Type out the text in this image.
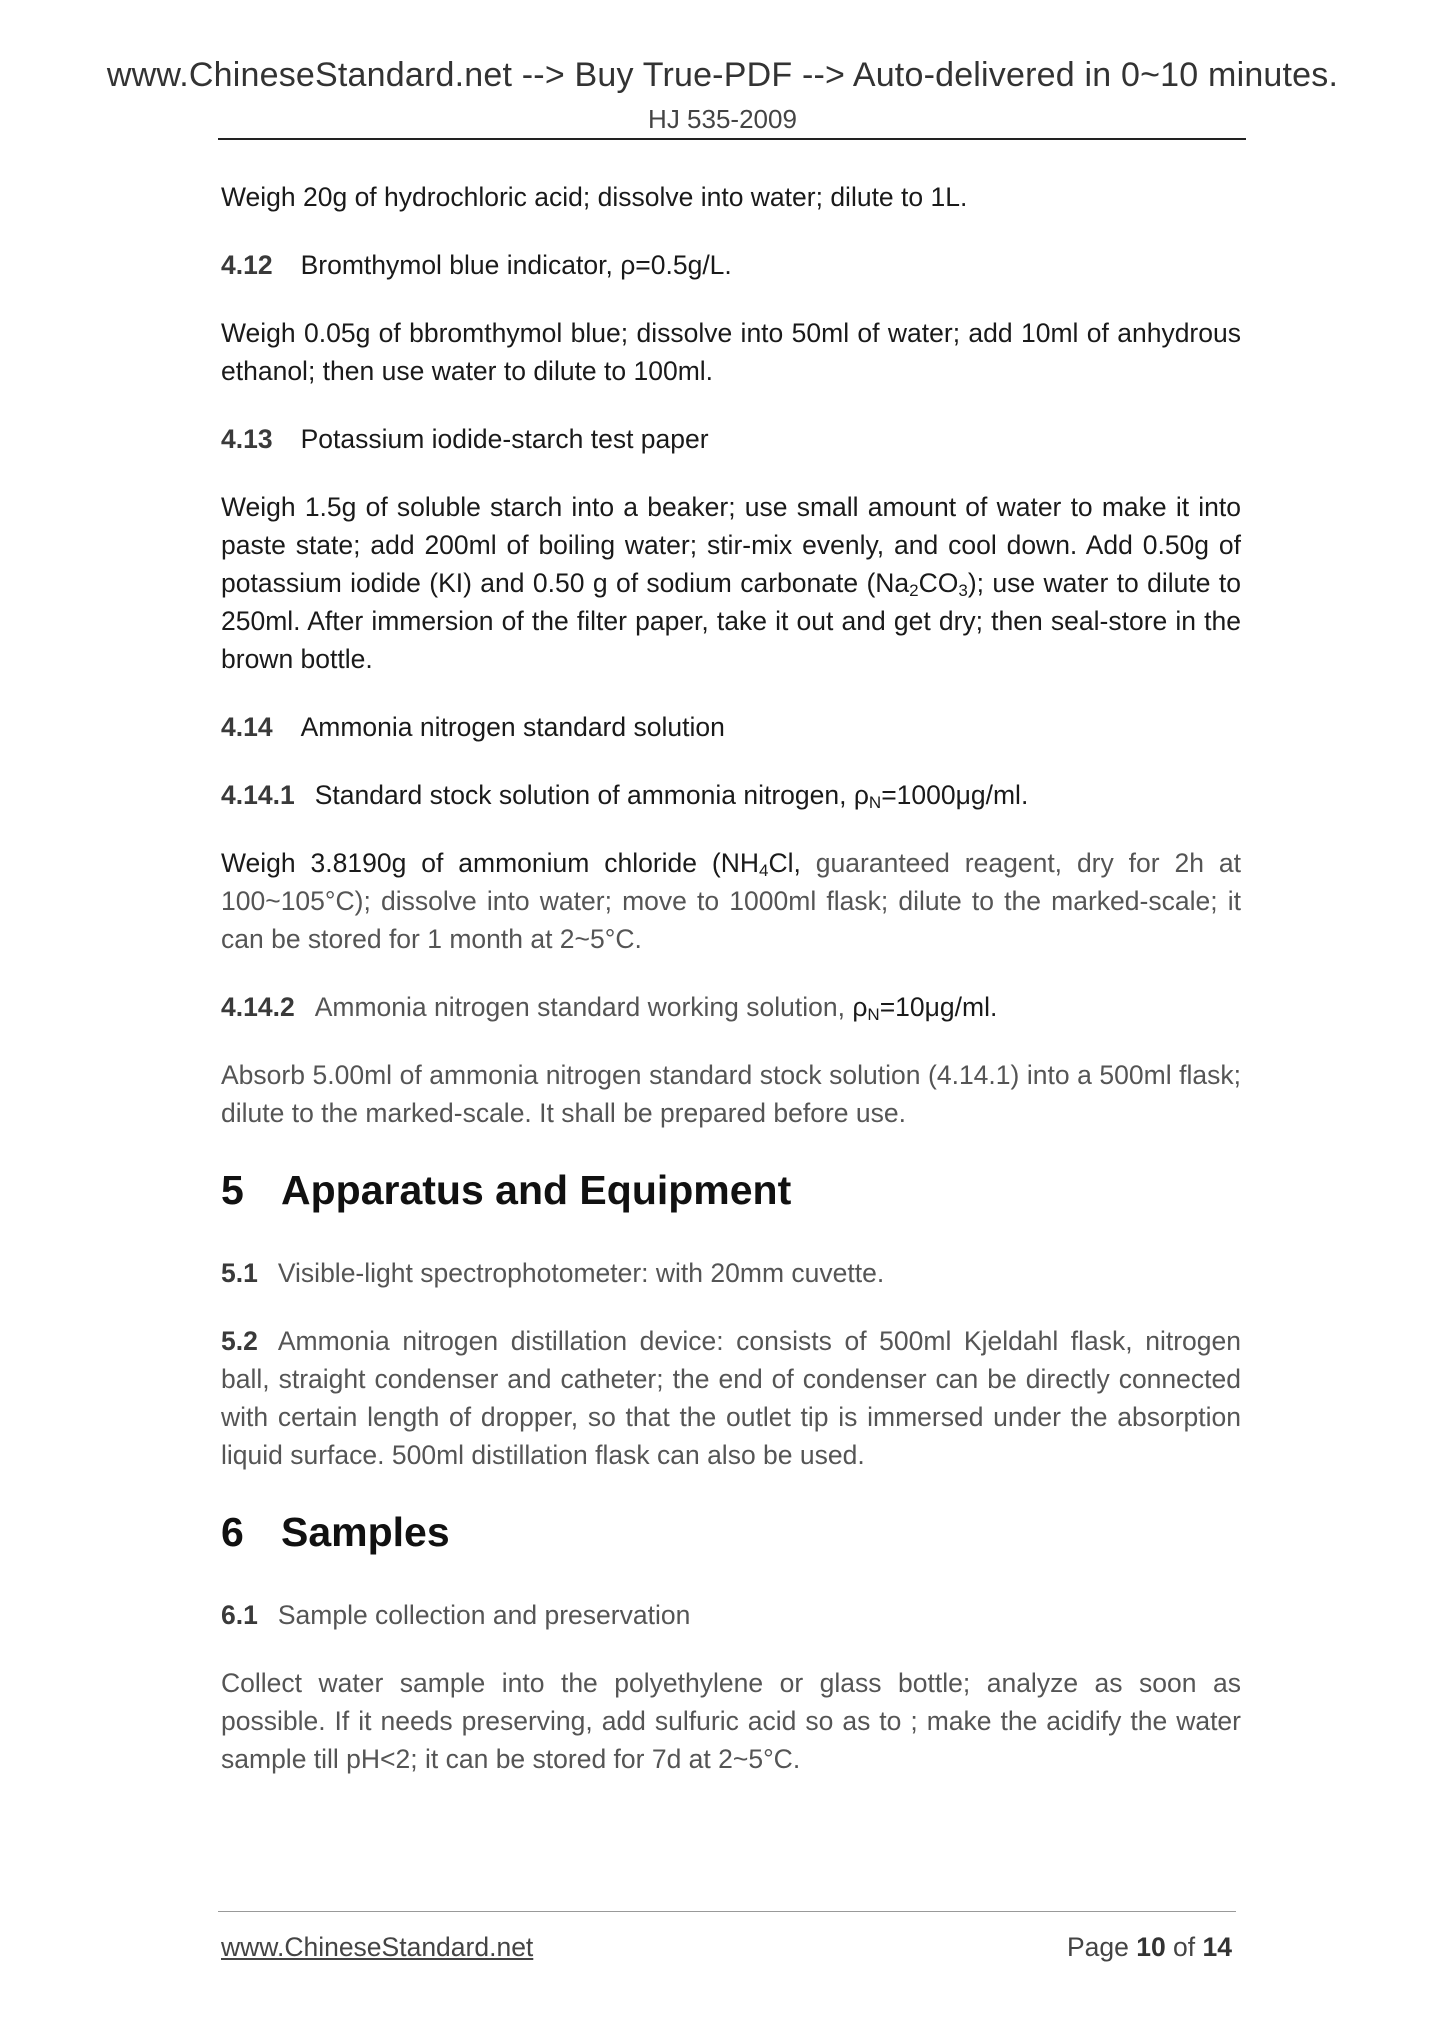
www.ChineseStandard.net --> Buy True-PDF --> Auto-delivered in 0~10 minutes.
HJ 535-2009

Weigh 20g of hydrochloric acid; dissolve into water; dilute to 1L.

4.12 Bromthymol blue indicator, ρ=0.5g/L.

Weigh 0.05g of bbromthymol blue; dissolve into 50ml of water; add 10ml of anhydrous ethanol; then use water to dilute to 100ml.

4.13 Potassium iodide-starch test paper

Weigh 1.5g of soluble starch into a beaker; use small amount of water to make it into paste state; add 200ml of boiling water; stir-mix evenly, and cool down. Add 0.50g of potassium iodide (KI) and 0.50 g of sodium carbonate $(Na_2CO_3)$; use water to dilute to 250ml. After immersion of the filter paper, take it out and get dry; then seal-store in the brown bottle.

4.14 Ammonia nitrogen standard solution
4.14.1 Standard stock solution of ammonia nitrogen, $\rho_N=1000\mu g/ml$.

Weigh 3.8190g of ammonium chloride ($NH_4Cl$, guaranteed reagent, dry for 2h at 100~105°C); dissolve into water; move to 1000ml flask; dilute to the marked-scale; it can be stored for 1 month at 2~5°C.

4.14.2 Ammonia nitrogen standard working solution, $\rho_N=10\mu g/ml$.

Absorb 5.00ml of ammonia nitrogen standard stock solution (4.14.1) into a 500ml flask; dilute to the marked-scale. It shall be prepared before use.

5 Apparatus and Equipment
5.1 Visible-light spectrophotometer: with 20mm cuvette.

5.2 Ammonia nitrogen distillation device: consists of 500ml Kjeldahl flask, nitrogen ball, straight condenser and catheter; the end of condenser can be directly connected with certain length of dropper, so that the outlet tip is immersed under the absorption liquid surface. 500ml distillation flask can also be used.

6 Samples
6.1 Sample collection and preservation

Collect water sample into the polyethylene or glass bottle; analyze as soon as possible. If it needs preserving, add sulfuric acid so as to ; make the acidify the water sample till pH<2; it can be stored for 7d at 2~5°C.

www.ChineseStandard.net	Page 10 of 14
